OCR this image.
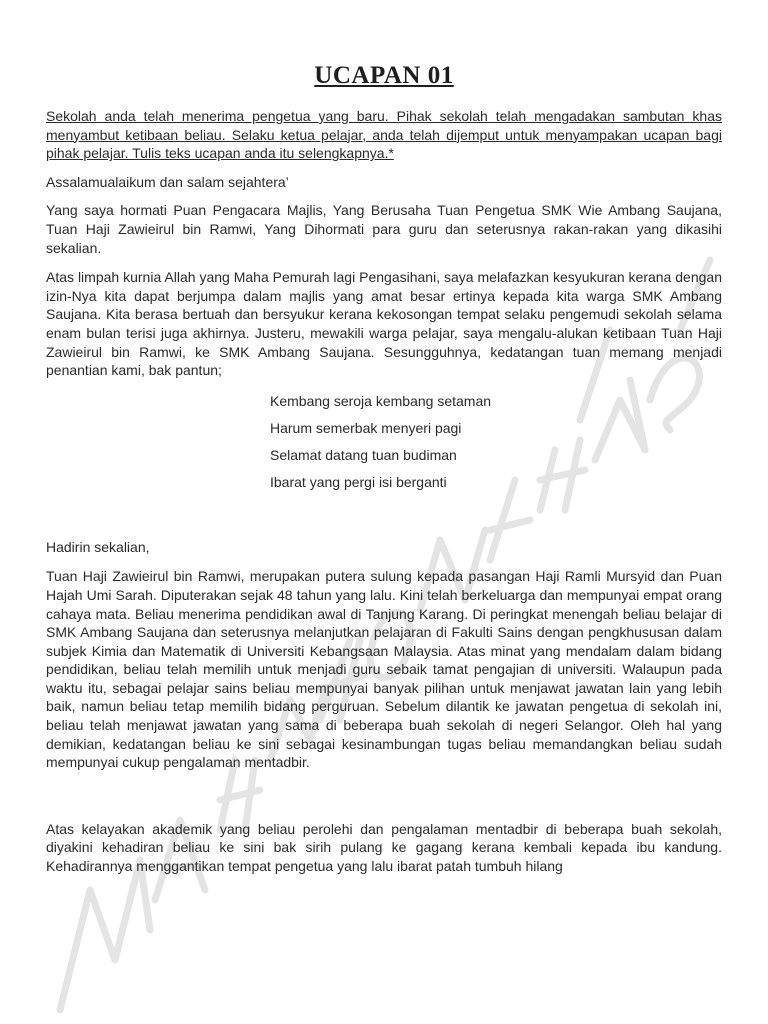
UCAPAN 01

Sekolah anda telah menerima pengetua yang baru. Pihak sekolah telah mengadakan sambutan khas menyambut ketibaan beliau. Selaku ketua pelajar, anda telah dijemput untuk menyampakan ucapan bagi pihak pelajar. Tulis teks ucapan anda itu selengkapnya.*

Assalamualaikum dan salam sejahtera’

Yang saya hormati Puan Pengacara Majlis, Yang Berusaha Tuan Pengetua SMK Wie Ambang Saujana, Tuan Haji Zawieirul bin Ramwi, Yang Dihormati para guru dan seterusnya rakan-rakan yang dikasihi sekalian.

Atas limpah kurnia Allah yang Maha Pemurah lagi Pengasihani, saya melafazkan kesyukuran kerana dengan izin-Nya kita dapat berjumpa dalam majlis yang amat besar ertinya kepada kita warga SMK Ambang Saujana. Kita berasa bertuah dan bersyukur kerana kekosongan tempat selaku pengemudi sekolah selama enam bulan terisi juga akhirnya. Justeru, mewakili warga pelajar, saya mengalu-alukan ketibaan Tuan Haji Zawieirul bin Ramwi, ke SMK Ambang Saujana. Sesungguhnya, kedatangan tuan memang menjadi penantian kami, bak pantun;

Kembang seroja kembang setaman
Harum semerbak menyeri pagi
Selamat datang tuan budiman
Ibarat yang pergi isi berganti

Hadirin sekalian,

Tuan Haji Zawieirul bin Ramwi, merupakan putera sulung kepada pasangan Haji Ramli Mursyid dan Puan Hajah Umi Sarah. Diputerakan sejak 48 tahun yang lalu. Kini telah berkeluarga dan mempunyai empat orang cahaya mata. Beliau menerima pendidikan awal di Tanjung Karang. Di peringkat menengah beliau belajar di SMK Ambang Saujana dan seterusnya melanjutkan pelajaran di Fakulti Sains dengan pengkhususan dalam subjek Kimia dan Matematik di Universiti Kebangsaan Malaysia. Atas minat yang mendalam dalam bidang pendidikan, beliau telah memilih untuk menjadi guru sebaik tamat pengajian di universiti. Walaupun pada waktu itu, sebagai pelajar sains beliau mempunyai banyak pilihan untuk menjawat jawatan lain yang lebih baik, namun beliau tetap memilih bidang perguruan. Sebelum dilantik ke jawatan pengetua di sekolah ini, beliau telah menjawat jawatan yang sama di beberapa buah sekolah di negeri Selangor. Oleh hal yang demikian, kedatangan beliau ke sini sebagai kesinambungan tugas beliau memandangkan beliau sudah mempunyai cukup pengalaman mentadbir.

Atas kelayakan akademik yang beliau perolehi dan pengalaman mentadbir di beberapa buah sekolah, diyakini kehadiran beliau ke sini bak sirih pulang ke gagang kerana kembali kepada ibu kandung. Kehadirannya menggantikan tempat pengetua yang lalu ibarat patah tumbuh hilang
